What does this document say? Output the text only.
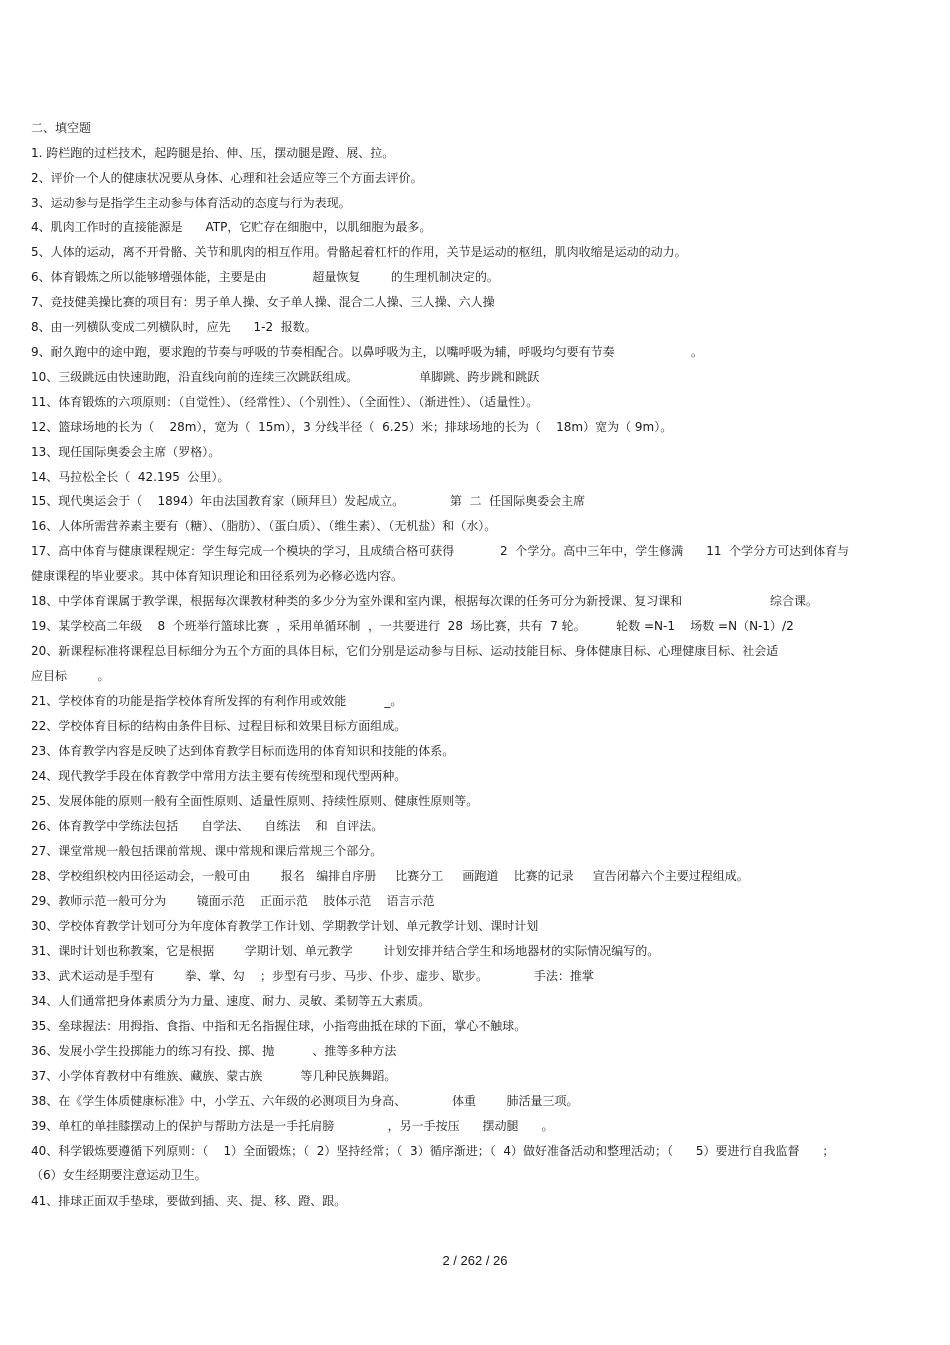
二、填空题
1. 跨栏跑的过栏技术，起跨腿是抬、伸、压，摆动腿是蹬、展、拉。
2、评价一个人的健康状况要从身体、心理和社会适应等三个方面去评价。
3、运动参与是指学生主动参与体育活动的态度与行为表现。
4、肌肉工作时的直接能源是      ATP，它贮存在细胞中，以肌细胞为最多。
5、人体的运动，离不开骨骼、关节和肌肉的相互作用。骨骼起着杠杆的作用，关节是运动的枢纽，肌肉收缩是运动的动力。
6、体育锻炼之所以能够增强体能，主要是由            超量恢复        的生理机制决定的。
7、竞技健美操比赛的项目有：男子单人操、女子单人操、混合二人操、三人操、六人操
8、由一列横队变成二列横队时，应先      1-2  报数。
9、耐久跑中的途中跑，要求跑的节奏与呼吸的节奏相配合。以鼻呼吸为主，以嘴呼吸为辅，呼吸均匀要有节奏                    。
10、三级跳远由快速助跑，沿直线向前的连续三次跳跃组成。                单脚跳、跨步跳和跳跃
11、体育锻炼的六项原则：（自觉性）、（经常性）、（个别性）、（全面性）、（渐进性）、（适量性）。
12、篮球场地的长为（    28m），宽为（  15m），3 分线半径（  6.25）米；排球场地的长为（    18m）宽为（ 9m）。
13、现任国际奥委会主席（罗格）。
14、马拉松全长（  42.195  公里）。
15、现代奥运会于（    1894）年由法国教育家（顾拜旦）发起成立。            第  二  任国际奥委会主席
16、人体所需营养素主要有（糖）、（脂肪）、（蛋白质）、（维生素）、（无机盐）和（水）。
17、高中体育与健康课程规定：学生每完成一个模块的学习，且成绩合格可获得            2  个学分。高中三年中，学生修满      11  个学分方可达到体育与
健康课程的毕业要求。其中体育知识理论和田径系列为必修必选内容。
18、中学体育课属于教学课，根据每次课教材种类的多少分为室外课和室内课，根据每次课的任务可分为新授课、复习课和                       综合课。
19、某学校高二年级    8  个班举行篮球比赛  ，采用单循环制  ，一共要进行  28  场比赛，共有  7 轮。        轮数 =N-1    场数 =N（N-1）/2
20、新课程标准将课程总目标细分为五个方面的具体目标，它们分别是运动参与目标、运动技能目标、身体健康目标、心理健康目标、社会适
应目标        。
21、学校体育的功能是指学校体育所发挥的有利作用或效能          _。
22、学校体育目标的结构由条件目标、过程目标和效果目标方面组成。
23、体育教学内容是反映了达到体育教学目标而选用的体育知识和技能的体系。
24、现代教学手段在体育教学中常用方法主要有传统型和现代型两种。
25、发展体能的原则一般有全面性原则、适量性原则、持续性原则、健康性原则等。
26、体育教学中学练法包括      自学法、    自练法    和  自评法。
27、课堂常规一般包括课前常规、课中常规和课后常规三个部分。
28、学校组织校内田径运动会，一般可由        报名   编排自序册     比赛分工     画跑道    比赛的记录     宣告闭幕六个主要过程组成。
29、教师示范一般可分为        镜面示范    正面示范    肢体示范    语言示范
30、学校体育教学计划可分为年度体育教学工作计划、学期教学计划、单元教学计划、课时计划
31、课时计划也称教案，它是根据        学期计划、单元教学        计划安排并结合学生和场地器材的实际情况编写的。
33、武术运动是手型有        拳、掌、勾    ；步型有弓步、马步、仆步、虚步、歇步。            手法：推掌
34、人们通常把身体素质分为力量、速度、耐力、灵敏、柔韧等五大素质。
35、垒球握法：用拇指、食指、中指和无名指握住球，小指弯曲抵在球的下面，掌心不触球。
36、发展小学生投掷能力的练习有投、掷、抛          、推等多种方法
37、小学体育教材中有维族、藏族、蒙古族          等几种民族舞蹈。
38、在《学生体质健康标准》中，小学五、六年级的必测项目为身高、            体重        肺活量三项。
39、单杠的单挂膝摆动上的保护与帮助方法是一手托肩膀              ，另一手按压      摆动腿      。
40、科学锻炼要遵循下列原则：（    1）全面锻炼；（  2）坚持经常；（  3）循序渐进；（  4）做好准备活动和整理活动；（      5）要进行自我监督      ；
（6）女生经期要注意运动卫生。
41、排球正面双手垫球，要做到插、夹、提、移、蹬、跟。
2 / 262 / 26
